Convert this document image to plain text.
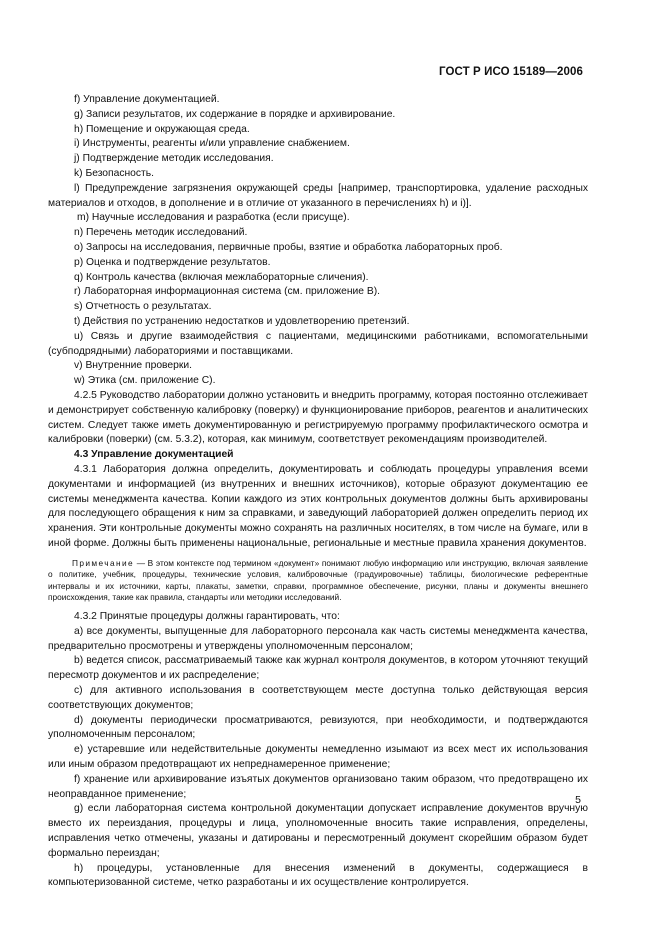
ГОСТ Р ИСО 15189—2006

f) Управление документацией.

g) Записи результатов, их содержание в порядке и архивирование.

h) Помещение и окружающая среда.

i) Инструменты, реагенты и/или управление снабжением.

j) Подтверждение методик исследования.

k) Безопасность.

l) Предупреждение загрязнения окружающей среды [например, транспортировка, удаление расходных материалов и отходов, в дополнение и в отличие от указанного в перечислениях h) и i)].

m) Научные исследования и разработка (если присуще).

n) Перечень методик исследований.

o) Запросы на исследования, первичные пробы, взятие и обработка лабораторных проб.

p) Оценка и подтверждение результатов.

q) Контроль качества (включая межлабораторные сличения).

r) Лабораторная информационная система (см. приложение В).

s) Отчетность о результатах.

t) Действия по устранению недостатков и удовлетворению претензий.

u) Связь и другие взаимодействия с пациентами, медицинскими работниками, вспомогательными (субподрядными) лабораториями и поставщиками.

v) Внутренние проверки.

w) Этика (см. приложение С).

4.2.5 Руководство лаборатории должно установить и внедрить программу, которая постоянно отслеживает и демонстрирует собственную калибровку (поверку) и функционирование приборов, реагентов и аналитических систем. Следует также иметь документированную и регистрируемую программу профилактического осмотра и калибровки (поверки) (см. 5.3.2), которая, как минимум, соответствует рекомендациям производителей.

4.3 Управление документацией

4.3.1 Лаборатория должна определить, документировать и соблюдать процедуры управления всеми документами и информацией (из внутренних и внешних источников), которые образуют документацию ее системы менеджмента качества. Копии каждого из этих контрольных документов должны быть архивированы для последующего обращения к ним за справками, и заведующий лабораторией должен определить период их хранения. Эти контрольные документы можно сохранять на различных носителях, в том числе на бумаге, или в иной форме. Должны быть применены национальные, региональные и местные правила хранения документов.

Примечание — В этом контексте под термином «документ» понимают любую информацию или инструкцию, включая заявление о политике, учебник, процедуры, технические условия, калибровочные (градуировочные) таблицы, биологические референтные интервалы и их источники, карты, плакаты, заметки, справки, программное обеспечение, рисунки, планы и документы внешнего происхождения, такие как правила, стандарты или методики исследований.

4.3.2 Принятые процедуры должны гарантировать, что:

a) все документы, выпущенные для лабораторного персонала как часть системы менеджмента качества, предварительно просмотрены и утверждены уполномоченным персоналом;

b) ведется список, рассматриваемый также как журнал контроля документов, в котором уточняют текущий пересмотр документов и их распределение;

c) для активного использования в соответствующем месте доступна только действующая версия соответствующих документов;

d) документы периодически просматриваются, ревизуются, при необходимости, и подтверждаются уполномоченным персоналом;

e) устаревшие или недействительные документы немедленно изымают из всех мест их использования или иным образом предотвращают их непреднамеренное применение;

f) хранение или архивирование изъятых документов организовано таким образом, что предотвращено их неоправданное применение;

g) если лабораторная система контрольной документации допускает исправление документов вручную вместо их переиздания, процедуры и лица, уполномоченные вносить такие исправления, определены, исправления четко отмечены, указаны и датированы и пересмотренный документ скорейшим образом будет формально переиздан;

h) процедуры, установленные для внесения изменений в документы, содержащиеся в компьютеризованной системе, четко разработаны и их осуществление контролируется.

5
